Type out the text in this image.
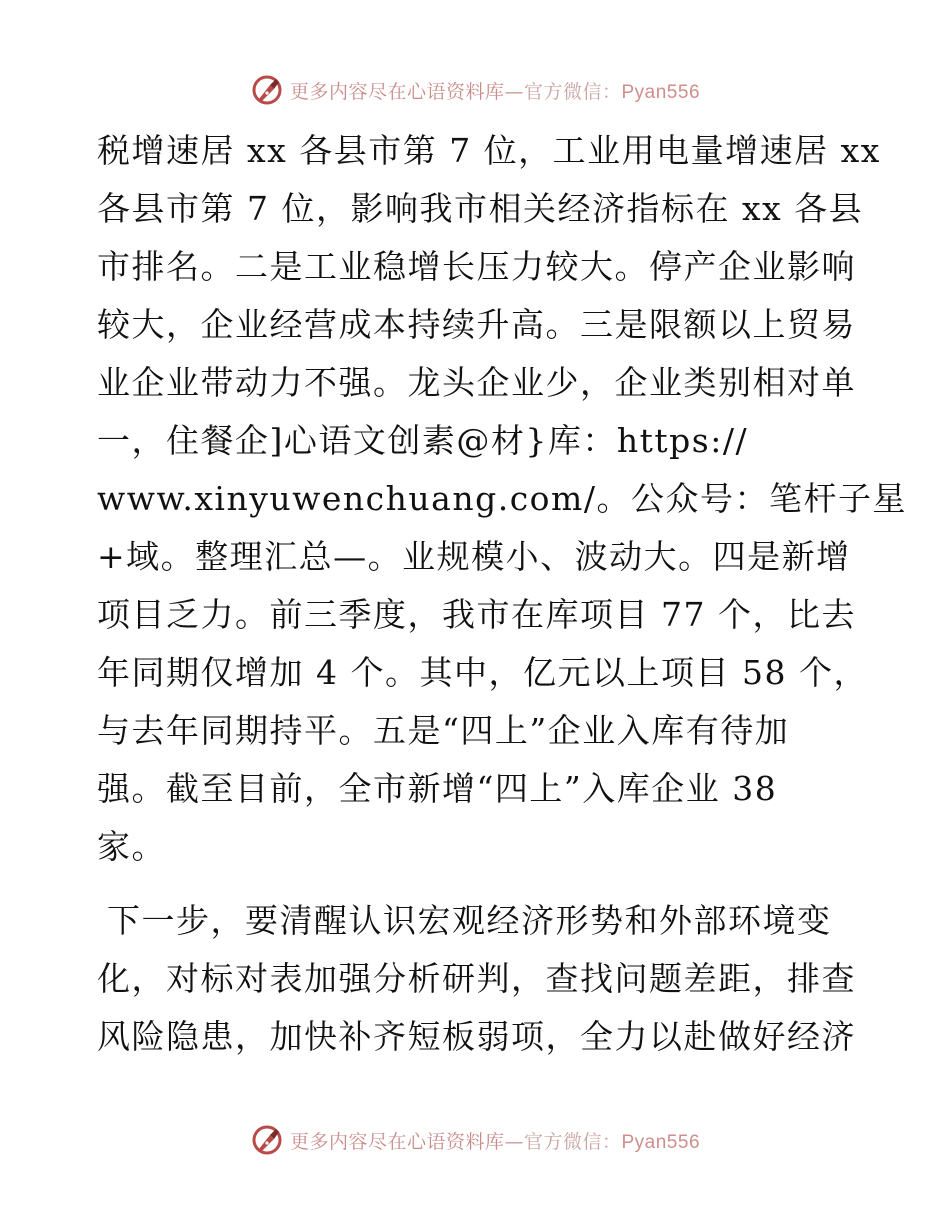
更多内容尽在心语资料库—官方微信：Pyan556
税增速居 xx 各县市第 7 位，工业用电量增速居 xx
各县市第 7 位，影响我市相关经济指标在 xx 各县
市排名。二是工业稳增长压力较大。停产企业影响
较大，企业经营成本持续升高。三是限额以上贸易
业企业带动力不强。龙头企业少，企业类别相对单
一，住餐企]心语文创素@材}库：https://
www.xinyuwenchuang.com/。公众号：笔杆子星
+域。整理汇总—。业规模小、波动大。四是新增
项目乏力。前三季度，我市在库项目 77 个，比去
年同期仅增加 4 个。其中，亿元以上项目 58 个，
与去年同期持平。五是“四上”企业入库有待加
强。截至目前，全市新增“四上”入库企业 38
家。
下一步，要清醒认识宏观经济形势和外部环境变
化，对标对表加强分析研判，查找问题差距，排查
风险隐患，加快补齐短板弱项，全力以赴做好经济
更多内容尽在心语资料库—官方微信：Pyan556
